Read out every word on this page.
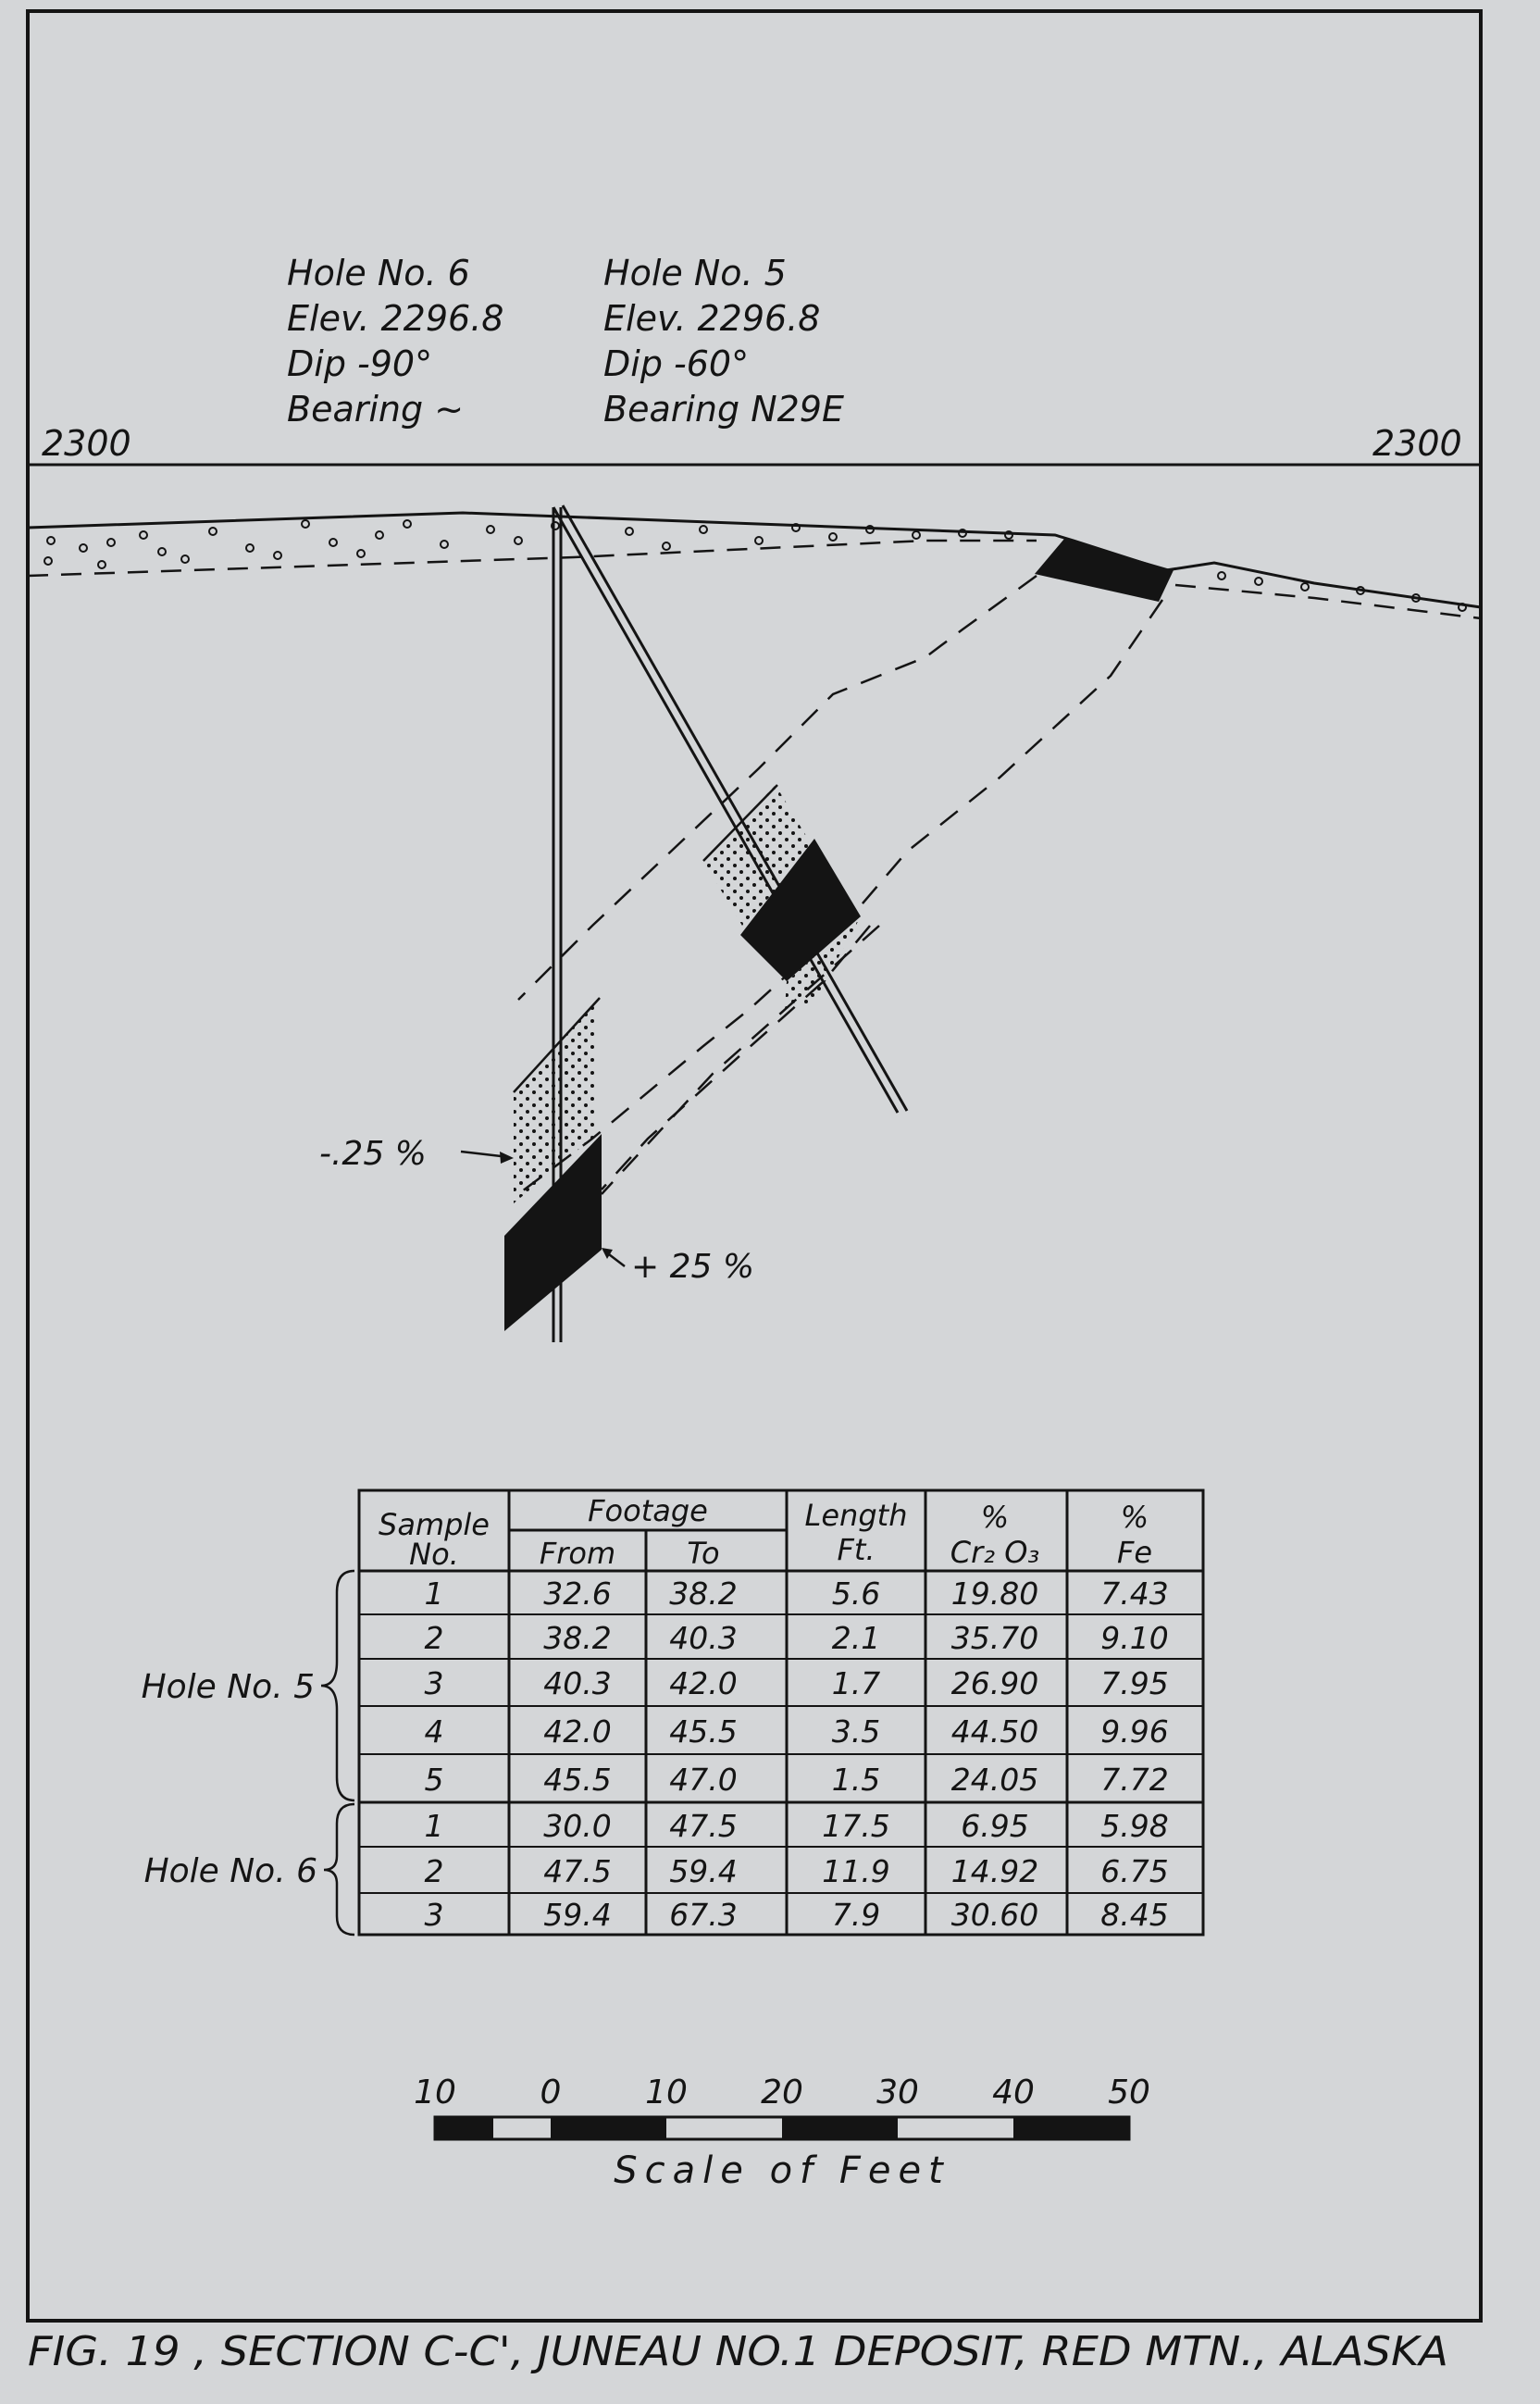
Hole No. 6
Elev. 2296.8
Dip -90°
Bearing ~
Hole No. 5
Elev. 2296.8
Dip -60°
Bearing N29E
2300	2300
-.25 %
+ 25 %
Sample
No.
Footage
From To
Length
Ft.
%
Cr₂ O₃
%
Fe
1	32.6 38.2	5.6 19.80 7.43
2	38.2 40.3	2.1 35.70 9.10
3	40.3 42.0	1.7 26.90 7.95
4	42.0 45.5	3.5 44.50 9.96
5	45.5 47.0	1.5 24.05 7.72
1	30.0 47.5	17.5 6.95 5.98
2	47.5 59.4	11.9 14.92 6.75
3	59.4 67.3	7.9 30.60 8.45
Hole No. 5
Hole No. 6
10	0	10 20 30 40 50
Scale of Feet
FIG. 19 , SECTION C-C', JUNEAU NO.1 DEPOSIT, RED MTN., ALASKA
